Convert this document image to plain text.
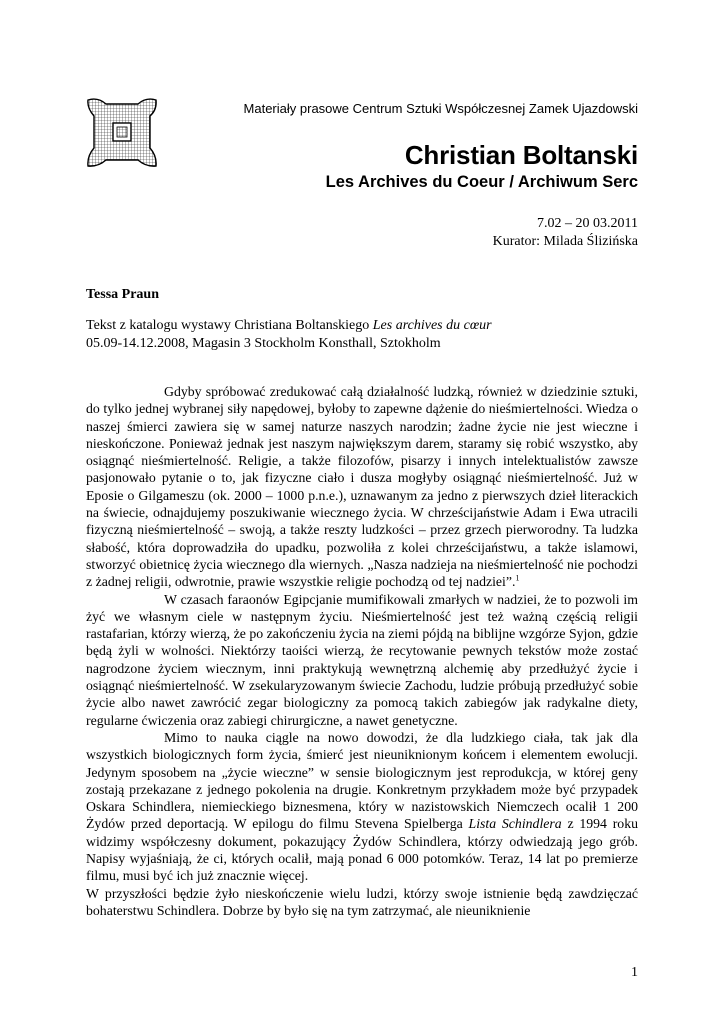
Materiały prasowe Centrum Sztuki Współczesnej Zamek Ujazdowski
Christian Boltanski
Les Archives du Coeur / Archiwum Serc
7.02 – 20 03.2011
Kurator: Milada Ślizińska
Tessa Praun
Tekst z katalogu wystawy Christiana Boltanskiego Les archives du cœur
05.09-14.12.2008, Magasin 3 Stockholm Konsthall, Sztokholm

Gdyby spróbować zredukować całą działalność ludzką, również w dziedzinie sztuki, do tylko jednej wybranej siły napędowej, byłoby to zapewne dążenie do nieśmiertelności. Wiedza o naszej śmierci zawiera się w samej naturze naszych narodzin; żadne życie nie jest wieczne i nieskończone. Ponieważ jednak jest naszym największym darem, staramy się robić wszystko, aby osiągnąć nieśmiertelność. Religie, a także filozofów, pisarzy i innych intelektualistów zawsze pasjonowało pytanie o to, jak fizyczne ciało i dusza mogłyby osiągnąć nieśmiertelność. Już w Eposie o Gilgameszu (ok. 2000 – 1000 p.n.e.), uznawanym za jedno z pierwszych dzieł literackich na świecie, odnajdujemy poszukiwanie wiecznego życia. W chrześcijaństwie Adam i Ewa utracili fizyczną nieśmiertelność – swoją, a także reszty ludzkości – przez grzech pierworodny. Ta ludzka słabość, która doprowadziła do upadku, pozwoliła z kolei chrześcijaństwu, a także islamowi, stworzyć obietnicę życia wiecznego dla wiernych. „Nasza nadzieja na nieśmiertelność nie pochodzi z żadnej religii, odwrotnie, prawie wszystkie religie pochodzą od tej nadziei”.$^1$

W czasach faraonów Egipcjanie mumifikowali zmarłych w nadziei, że to pozwoli im żyć we własnym ciele w następnym życiu. Nieśmiertelność jest też ważną częścią religii rastafarian, którzy wierzą, że po zakończeniu życia na ziemi pójdą na biblijne wzgórze Syjon, gdzie będą żyli w wolności. Niektórzy taoiści wierzą, że recytowanie pewnych tekstów może zostać nagrodzone życiem wiecznym, inni praktykują wewnętrzną alchemię aby przedłużyć życie i osiągnąć nieśmiertelność. W zsekularyzowanym świecie Zachodu, ludzie próbują przedłużyć sobie życie albo nawet zawrócić zegar biologiczny za pomocą takich zabiegów jak radykalne diety, regularne ćwiczenia oraz zabiegi chirurgiczne, a nawet genetyczne.

Mimo to nauka ciągle na nowo dowodzi, że dla ludzkiego ciała, tak jak dla wszystkich biologicznych form życia, śmierć jest nieuniknionym końcem i elementem ewolucji. Jedynym sposobem na „życie wieczne” w sensie biologicznym jest reprodukcja, w której geny zostają przekazane z jednego pokolenia na drugie. Konkretnym przykładem może być przypadek Oskara Schindlera, niemieckiego biznesmena, który w nazistowskich Niemczech ocalił 1 200 Żydów przed deportacją. W epilogu do filmu Stevena Spielberga Lista Schindlera z 1994 roku widzimy współczesny dokument, pokazujący Żydów Schindlera, którzy odwiedzają jego grób. Napisy wyjaśniają, że ci, których ocalił, mają ponad 6 000 potomków. Teraz, 14 lat po premierze filmu, musi być ich już znacznie więcej.

W przyszłości będzie żyło nieskończenie wielu ludzi, którzy swoje istnienie będą zawdzięczać bohaterstwu Schindlera. Dobrze by było się na tym zatrzymać, ale nieuniknienie

1
